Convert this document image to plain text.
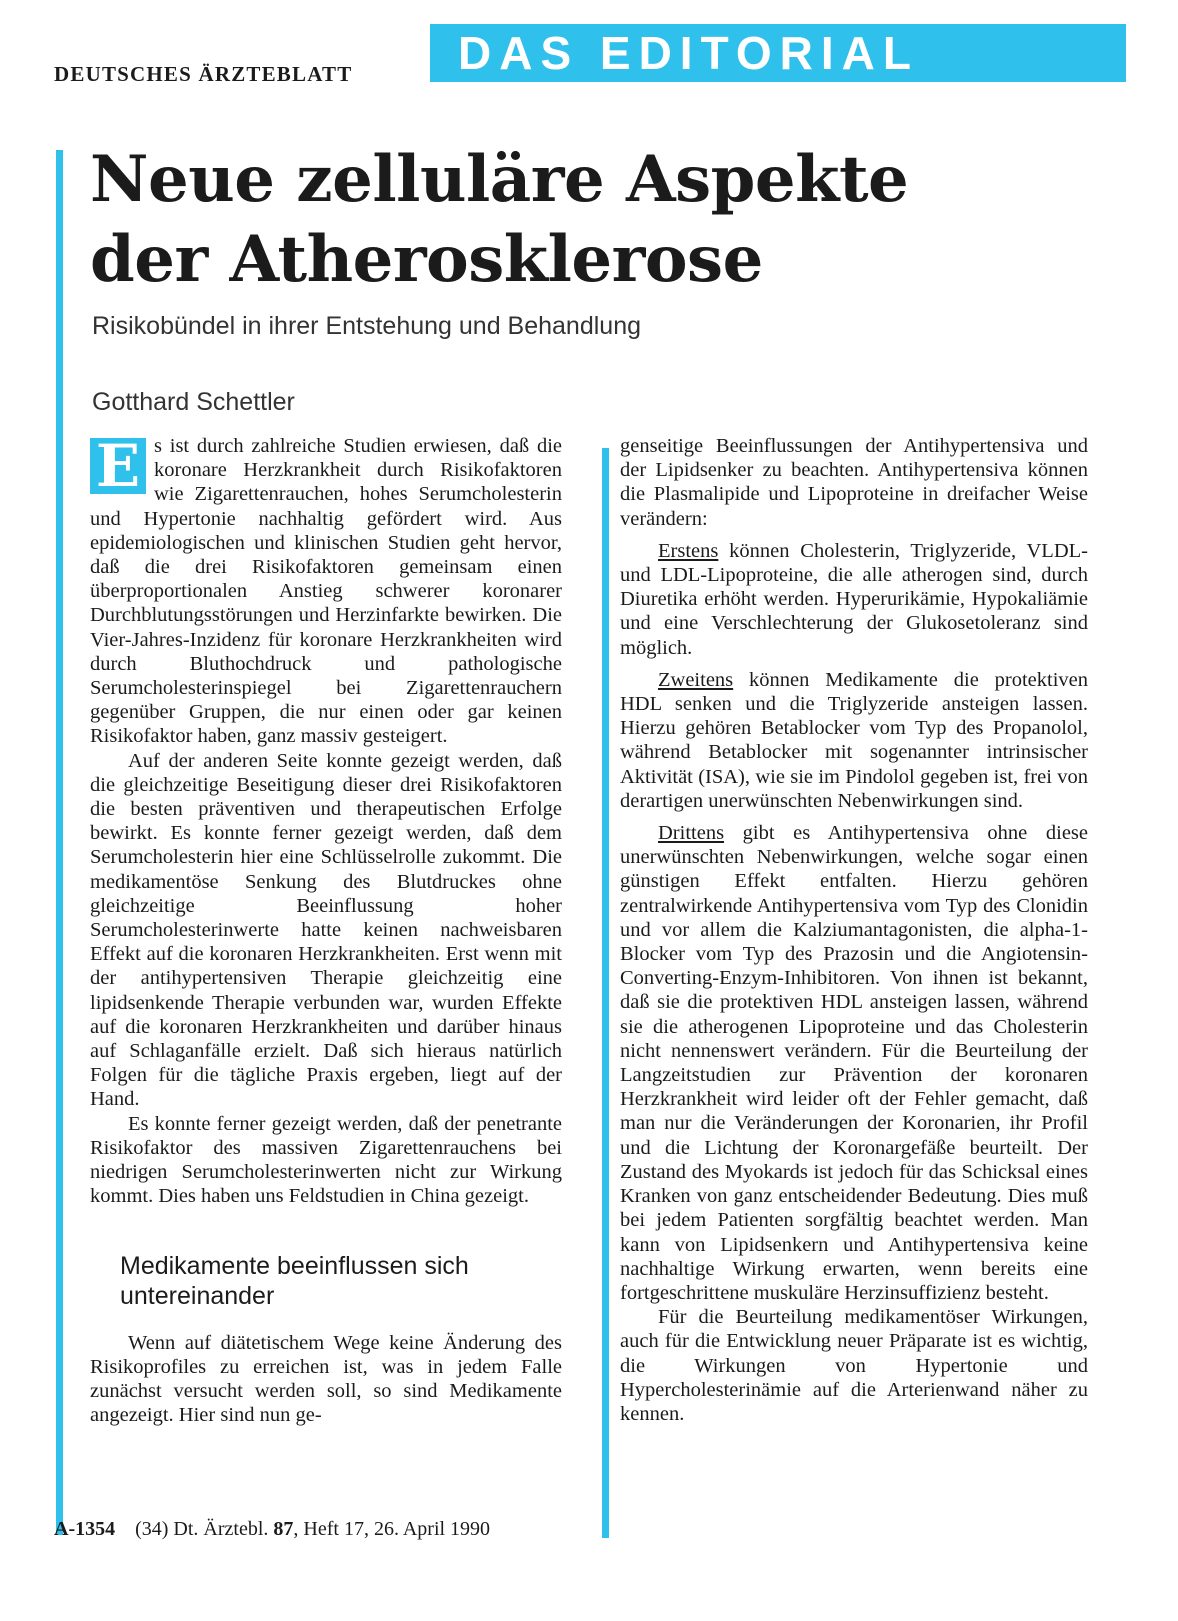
DEUTSCHES ÄRZTEBLATT DAS EDITORIAL
Neue zelluläre Aspekte
der Atherosklerose
Risikobündel in ihrer Entstehung und Behandlung
Gotthard Schettler

E s ist durch zahlreiche Studien erwiesen, daß die koronare Herzkrankheit durch Risikofaktoren wie Zigarettenrauchen, hohes Serumcholesterin und Hypertonie nachhaltig gefördert wird. Aus epidemiologischen und klinischen Studien geht hervor, daß die drei Risikofaktoren gemeinsam einen überproportionalen Anstieg schwerer koronarer Durchblutungsstörungen und Herzinfarkte bewirken. Die Vier-Jahres-Inzidenz für koronare Herzkrankheiten wird durch Bluthochdruck und pathologische Serumcholesterinspiegel bei Zigarettenrauchern gegenüber Gruppen, die nur einen oder gar keinen Risikofaktor haben, ganz massiv gesteigert.

Auf der anderen Seite konnte gezeigt werden, daß die gleichzeitige Beseitigung dieser drei Risikofaktoren die besten präventiven und therapeutischen Erfolge bewirkt. Es konnte ferner gezeigt werden, daß dem Serumcholesterin hier eine Schlüsselrolle zukommt. Die medikamentöse Senkung des Blutdruckes ohne gleichzeitige Beeinflussung hoher Serumcholesterinwerte hatte keinen nachweisbaren Effekt auf die koronaren Herzkrankheiten. Erst wenn mit der antihypertensiven Therapie gleichzeitig eine lipidsenkende Therapie verbunden war, wurden Effekte auf die koronaren Herzkrankheiten und darüber hinaus auf Schlaganfälle erzielt. Daß sich hieraus natürlich Folgen für die tägliche Praxis ergeben, liegt auf der Hand.

Es konnte ferner gezeigt werden, daß der penetrante Risikofaktor des massiven Zigarettenrauchens bei niedrigen Serumcholesterinwerten nicht zur Wirkung kommt. Dies haben uns Feldstudien in China gezeigt.

Medikamente beeinflussen sich untereinander

Wenn auf diätetischem Wege keine Änderung des Risikoprofiles zu erreichen ist, was in jedem Falle zunächst versucht werden soll, so sind Medikamente angezeigt. Hier sind nun ge-

genseitige Beeinflussungen der Antihypertensiva und der Lipidsenker zu beachten. Antihypertensiva können die Plasmalipide und Lipoproteine in dreifacher Weise verändern:

Erstens können Cholesterin, Triglyzeride, VLDL- und LDL-Lipoproteine, die alle atherogen sind, durch Diuretika erhöht werden. Hyperurikämie, Hypokaliämie und eine Verschlechterung der Glukosetoleranz sind möglich.

Zweitens können Medikamente die protektiven HDL senken und die Triglyzeride ansteigen lassen. Hierzu gehören Betablocker vom Typ des Propanolol, während Betablocker mit sogenannter intrinsischer Aktivität (ISA), wie sie im Pindolol gegeben ist, frei von derartigen unerwünschten Nebenwirkungen sind.

Drittens gibt es Antihypertensiva ohne diese unerwünschten Nebenwirkungen, welche sogar einen günstigen Effekt entfalten. Hierzu gehören zentralwirkende Antihypertensiva vom Typ des Clonidin und vor allem die Kalziumantagonisten, die alpha-1-Blocker vom Typ des Prazosin und die Angiotensin-Converting-Enzym-Inhibitoren. Von ihnen ist bekannt, daß sie die protektiven HDL ansteigen lassen, während sie die atherogenen Lipoproteine und das Cholesterin nicht nennenswert verändern. Für die Beurteilung der Langzeitstudien zur Prävention der koronaren Herzkrankheit wird leider oft der Fehler gemacht, daß man nur die Veränderungen der Koronarien, ihr Profil und die Lichtung der Koronargefäße beurteilt. Der Zustand des Myokards ist jedoch für das Schicksal eines Kranken von ganz entscheidender Bedeutung. Dies muß bei jedem Patienten sorgfältig beachtet werden. Man kann von Lipidsenkern und Antihypertensiva keine nachhaltige Wirkung erwarten, wenn bereits eine fortgeschrittene muskuläre Herzinsuffizienz besteht.

Für die Beurteilung medikamentöser Wirkungen, auch für die Entwicklung neuer Präparate ist es wichtig, die Wirkungen von Hypertonie und Hypercholesterinämie auf die Arterienwand näher zu kennen.

A-1354 (34) Dt. Ärztebl. 87, Heft 17, 26. April 1990
